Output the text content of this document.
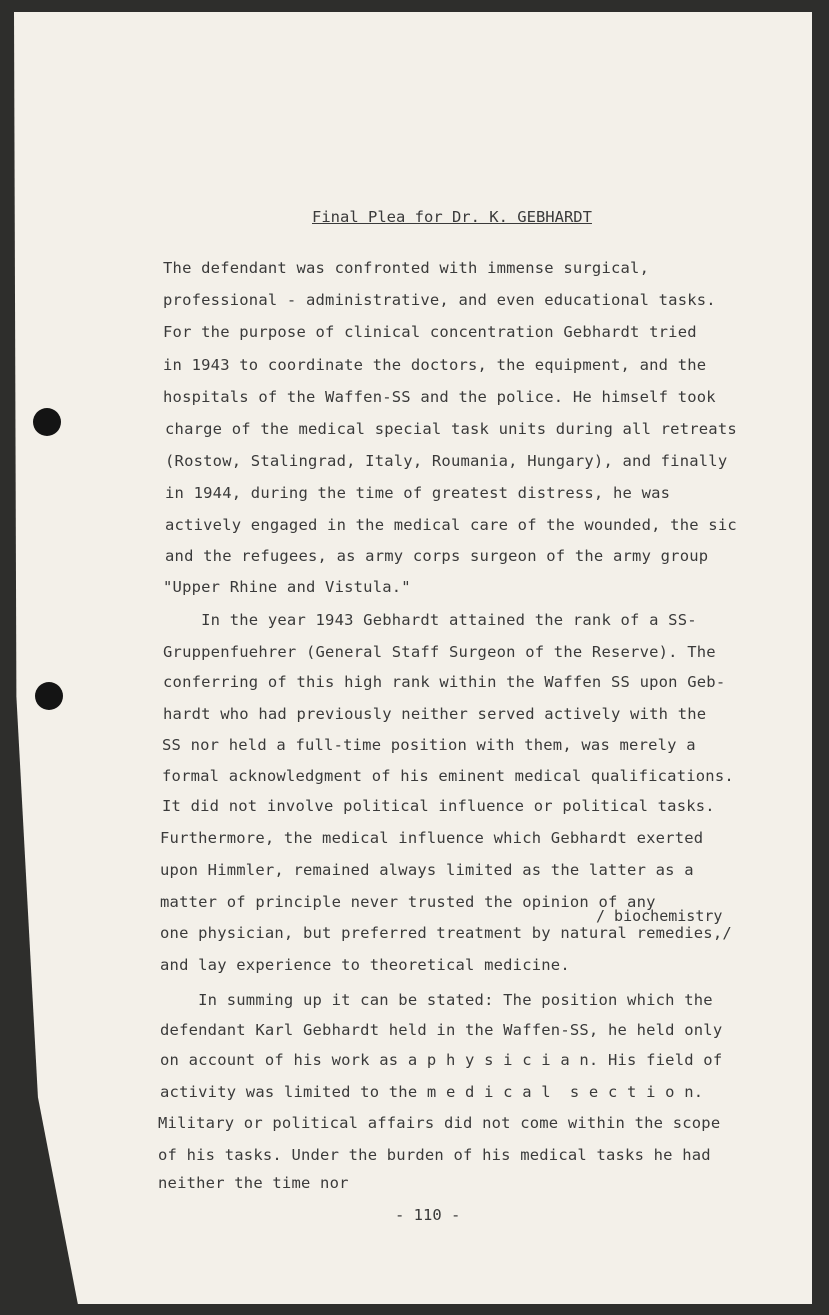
Final Plea for Dr. K. GEBHARDT
The defendant was confronted with immense surgical,
professional - administrative, and even educational tasks.
For the purpose of clinical concentration Gebhardt tried
in 1943 to coordinate the doctors, the equipment, and the
hospitals of the Waffen-SS and the police. He himself took
charge of the medical special task units during all retreats
(Rostow, Stalingrad, Italy, Roumania, Hungary), and finally
in 1944, during the time of greatest distress, he was
actively engaged in the medical care of the wounded, the sic
and the refugees, as army corps surgeon of the army group
"Upper Rhine and Vistula."
In the year 1943 Gebhardt attained the rank of a SS-
Gruppenfuehrer (General Staff Surgeon of the Reserve). The
conferring of this high rank within the Waffen SS upon Geb-
hardt who had previously neither served actively with the
SS nor held a full-time position with them, was merely a
formal acknowledgment of his eminent medical qualifications.
It did not involve political influence or political tasks.
Furthermore, the medical influence which Gebhardt exerted
upon Himmler, remained always limited as the latter as a
matter of principle never trusted the opinion of any
one physician, but preferred treatment by natural remedies,/
and lay experience to theoretical medicine.
In summing up it can be stated: The position which the
defendant Karl Gebhardt held in the Waffen-SS, he held only
on account of his work as a p h y s i c i a n. His field of
activity was limited to the m e d i c a l  s e c t i o n.
Military or political affairs did not come within the scope
of his tasks. Under the burden of his medical tasks he had
neither the time nor
/ biochemistry
- 110 -
